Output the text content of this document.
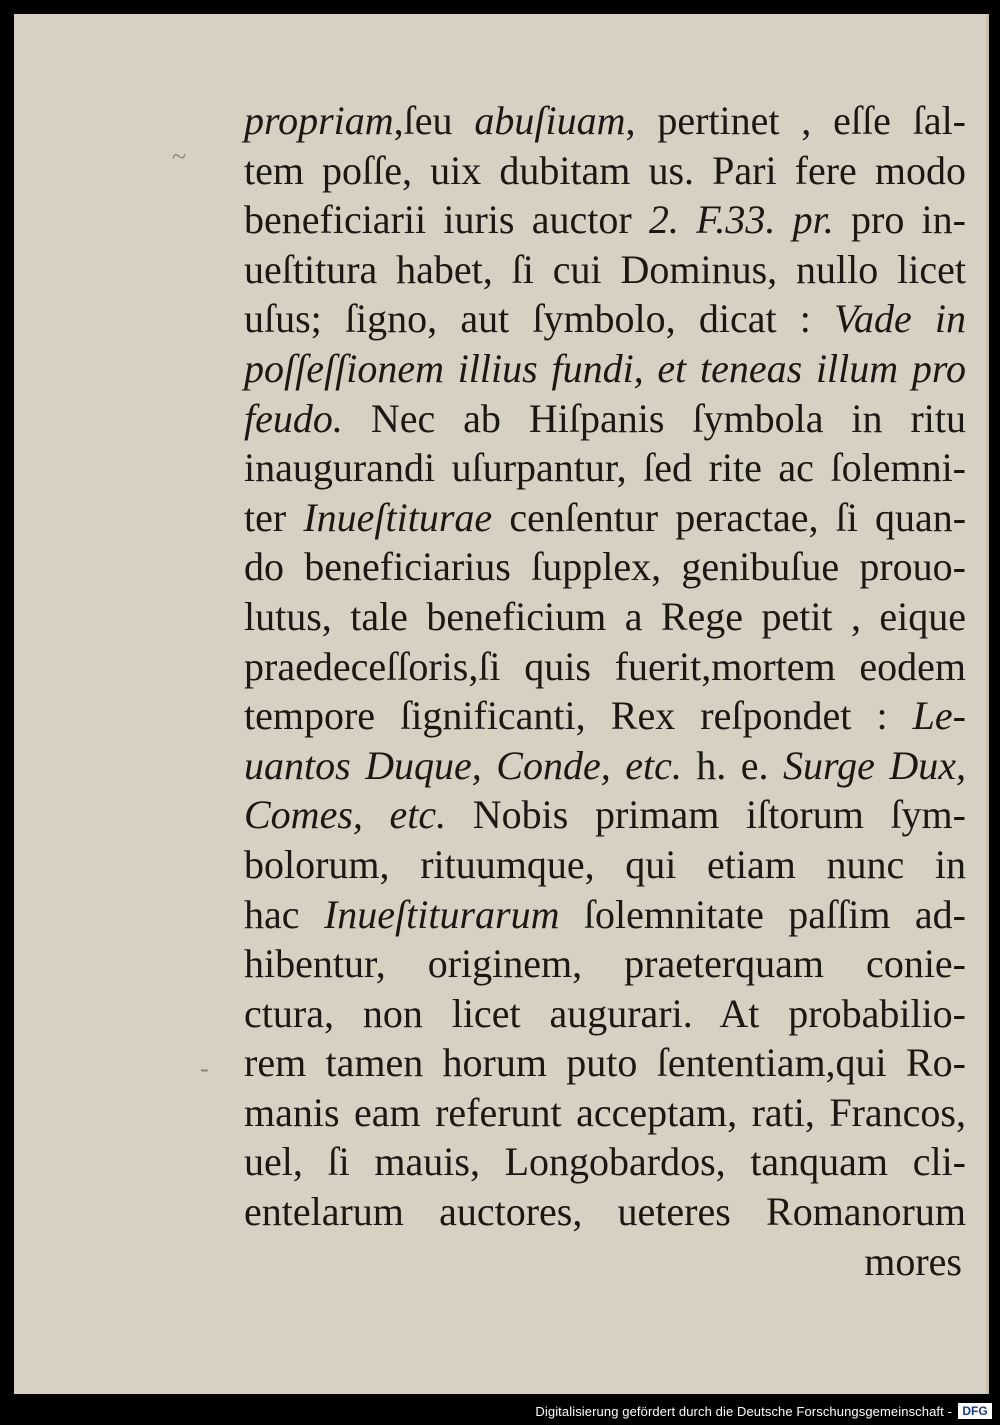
~
-
propriam,ſeu abuſiuam, pertinet , eſſe ſal-
tem poſſe, uix dubitam us. Pari fere modo
beneficiarii iuris auctor 2. F.33. pr. pro in-
ueſtitura habet, ſi cui Dominus, nullo licet
uſus; ſigno, aut ſymbolo, dicat : Vade in
poſſeſſionem illius fundi, et teneas illum pro
feudo. Nec ab Hiſpanis ſymbola in ritu
inaugurandi uſurpantur, ſed rite ac ſolemni-
ter Inueſtiturae cenſentur peractae, ſi quan-
do beneficiarius ſupplex, genibuſue prouo-
lutus, tale beneficium a Rege petit , eique
praedeceſſoris,ſi quis fuerit,mortem eodem
tempore ſignificanti, Rex reſpondet : Le-
uantos Duque, Conde, etc. h. e. Surge Dux,
Comes, etc. Nobis primam iſtorum ſym-
bolorum, rituumque, qui etiam nunc in
hac Inueſtiturarum ſolemnitate paſſim ad-
hibentur, originem, praeterquam conie-
ctura, non licet augurari. At probabilio-
rem tamen horum puto ſententiam,qui Ro-
manis eam referunt acceptam, rati, Francos,
uel, ſi mauis, Longobardos, tanquam cli-
entelarum auctores, ueteres Romanorum
mores
Digitalisierung gefördert durch die Deutsche Forschungsgemeinschaft - DFG
